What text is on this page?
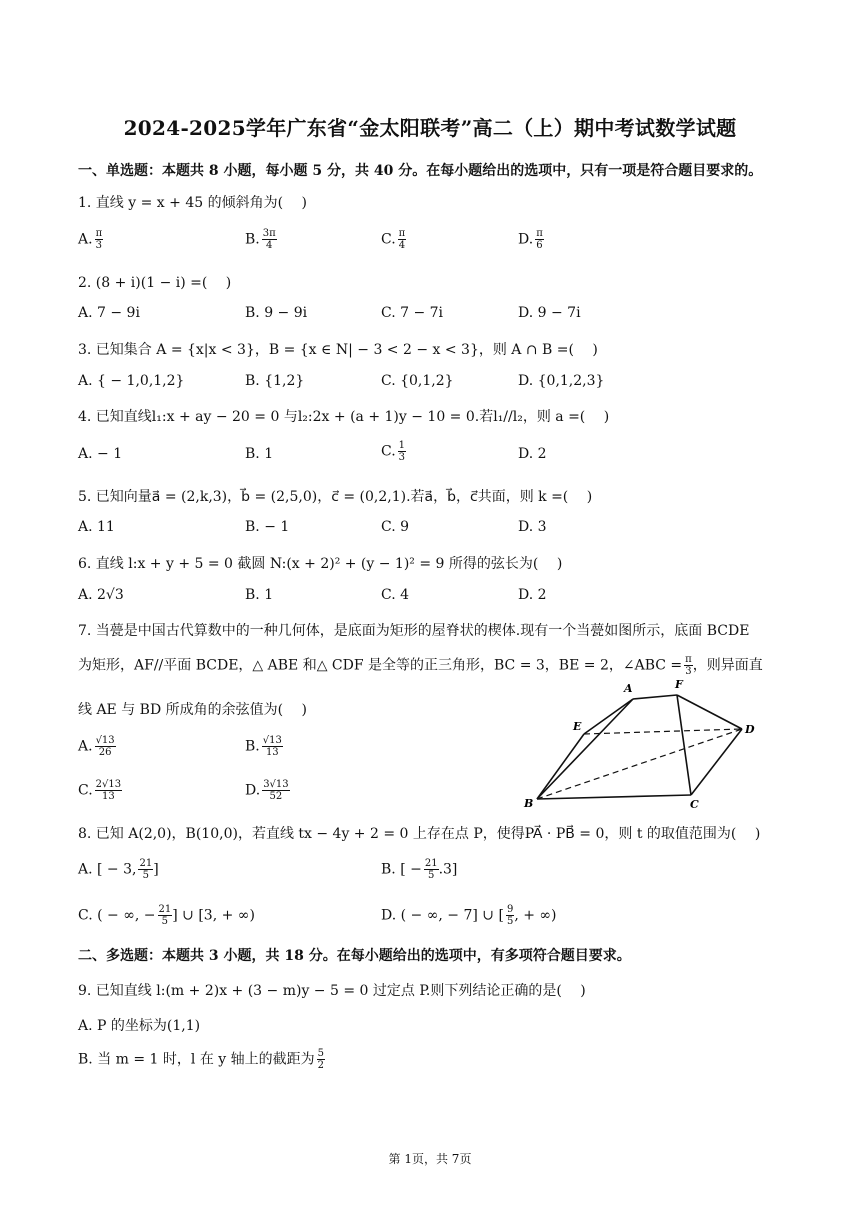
2024-2025学年广东省“金太阳联考”高二（上）期中考试数学试题
一、单选题：本题共 8 小题，每小题 5 分，共 40 分。在每小题给出的选项中，只有一项是符合题目要求的。
1. 直线 y = x + 45 的倾斜角为(　 )
A. $\frac{\pi}{3}$	B. $\frac{3\pi}{4}$	C. $\frac{\pi}{4}$	D. $\frac{\pi}{6}$
2. (8 + i)(1 − i) =(　 )
A. 7 − 9i	B. 9 − 9i	C. 7 − 7i	D. 9 − 7i
3. 已知集合 A = {x|x < 3}，B = {x ∈ N| − 3 < 2 − x < 3}，则 A ∩ B =(　 )
A. { − 1,0,1,2}	B. {1,2}	C. {0,1,2}	D. {0,1,2,3}
4. 已知直线l₁:x + ay − 20 = 0 与l₂:2x + (a + 1)y − 10 = 0.若l₁//l₂，则 a =(　 )
A. − 1	B. 1	C. $\frac{1}{3}$	D. 2
5. 已知向量a⃗ = (2,k,3)，b⃗ = (2,5,0)，c⃗ = (0,2,1).若a⃗，b⃗，c⃗共面，则 k =(　 )
A. 11	B. − 1	C. 9	D. 3
6. 直线 l:x + y + 5 = 0 截圆 N:(x + 2)² + (y − 1)² = 9 所得的弦长为(　 )
A. 2√3	B. 1	C. 4	D. 2
7. 当甍是中国古代算数中的一种几何体，是底面为矩形的屋脊状的楔体.现有一个当甍如图所示，底面 BCDE
为矩形，AF//平面 BCDE，△ ABE 和△ CDF 是全等的正三角形，BC = 3，BE = 2，∠ABC = $\frac{\pi}{3}$ ，则异面直
线 AE 与 BD 所成角的余弦值为(　 )
A. $\frac{√13}{26}$	B. $\frac{√13}{13}$
C. $\frac{2√13}{13}$	D. $\frac{3√13}{52}$
A	F
E	D
B	C
8. 已知 A(2,0)，B(10,0)，若直线 tx − 4y + 2 = 0 上存在点 P，使得PA⃗ · PB⃗ = 0，则 t 的取值范围为(　 )
A. [ − 3, $\frac{21}{5}$ ]	B. [ − $\frac{21}{5} .3$]
C. ( − ∞, − $\frac{21}{5}$ ] ∪ [3, + ∞)	D. ( − ∞, − 7] ∪ [ $\frac{9}{5}$ , + ∞)
二、多选题：本题共 3 小题，共 18 分。在每小题给出的选项中，有多项符合题目要求。
9. 已知直线 l:(m + 2)x + (3 − m)y − 5 = 0 过定点 P.则下列结论正确的是(　 )
A. P 的坐标为(1,1)
B. 当 m = 1 时，l 在 y 轴上的截距为 $\frac{5}{2}$
第 1页，共 7页
